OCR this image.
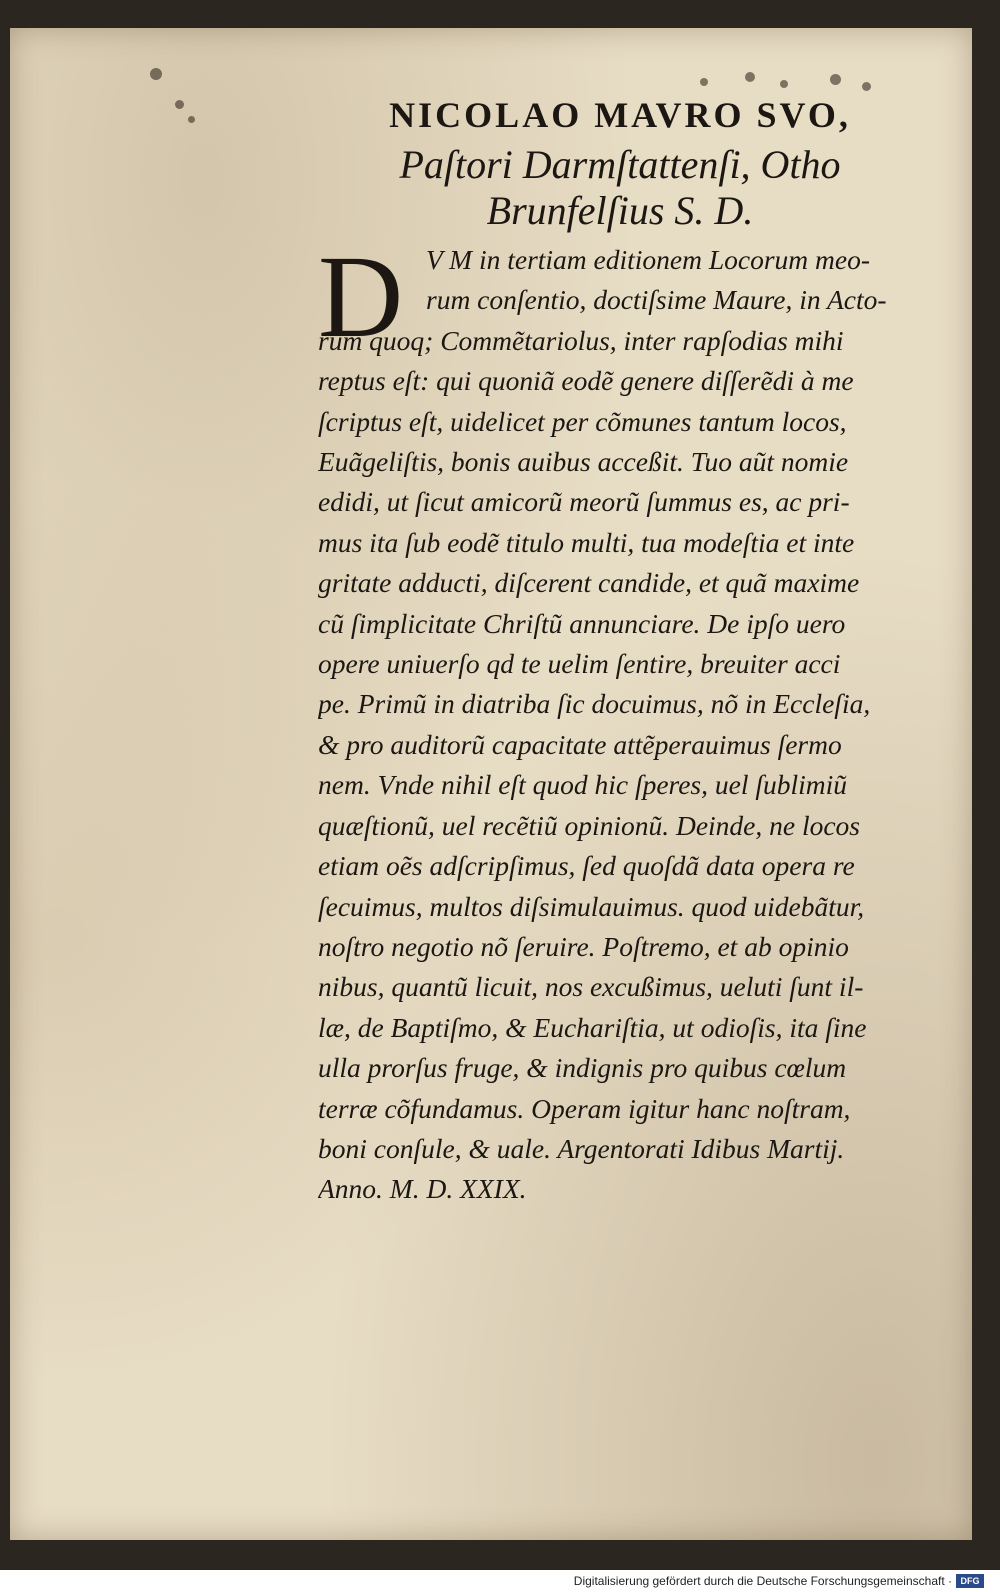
NICOLAO MAVRO SVO,
Paſtori Darmſtattenſi, Otho
Brunfelſius S. D.
D V M in tertiam editionem Locorum meo-
rum conſentio, doctiſsime Maure, in Acto-
rum quoq; Commẽtariolus, inter rapſodias mihi
reptus eſt: qui quoniã eodẽ genere diſſerẽdi à me
ſcriptus eſt, uidelicet per cõmunes tantum locos,
Euãgeliſtis, bonis auibus acceßit. Tuo aũt nomie
edidi, ut ſicut amicorũ meorũ ſummus es, ac pri-
mus ita ſub eodẽ titulo multi, tua modeſtia et inte
gritate adducti, diſcerent candide, et quã maxime
cũ ſimplicitate Chriſtũ annunciare. De ipſo uero
opere uniuerſo qd te uelim ſentire, breuiter acci
pe. Primũ in diatriba ſic docuimus, nõ in Eccleſia,
& pro auditorũ capacitate attẽperauimus ſermo
nem. Vnde nihil eſt quod hic ſperes, uel ſublimiũ
quæſtionũ, uel recẽtiũ opinionũ. Deinde, ne locos
etiam oẽs adſcripſimus, ſed quoſdã data opera re
ſecuimus, multos diſsimulauimus. quod uidebãtur,
noſtro negotio nõ ſeruire. Poſtremo, et ab opinio
nibus, quantũ licuit, nos excußimus, ueluti ſunt il-
læ, de Baptiſmo, & Euchariſtia, ut odioſis, ita ſine
ulla prorſus fruge, & indignis pro quibus cœlum
terræ cõfundamus. Operam igitur hanc noſtram,
boni conſule, & uale. Argentorati Idibus Martij.
Anno. M. D. XXIX.
Digitalisierung gefördert durch die Deutsche Forschungsgemeinschaft · DFG
